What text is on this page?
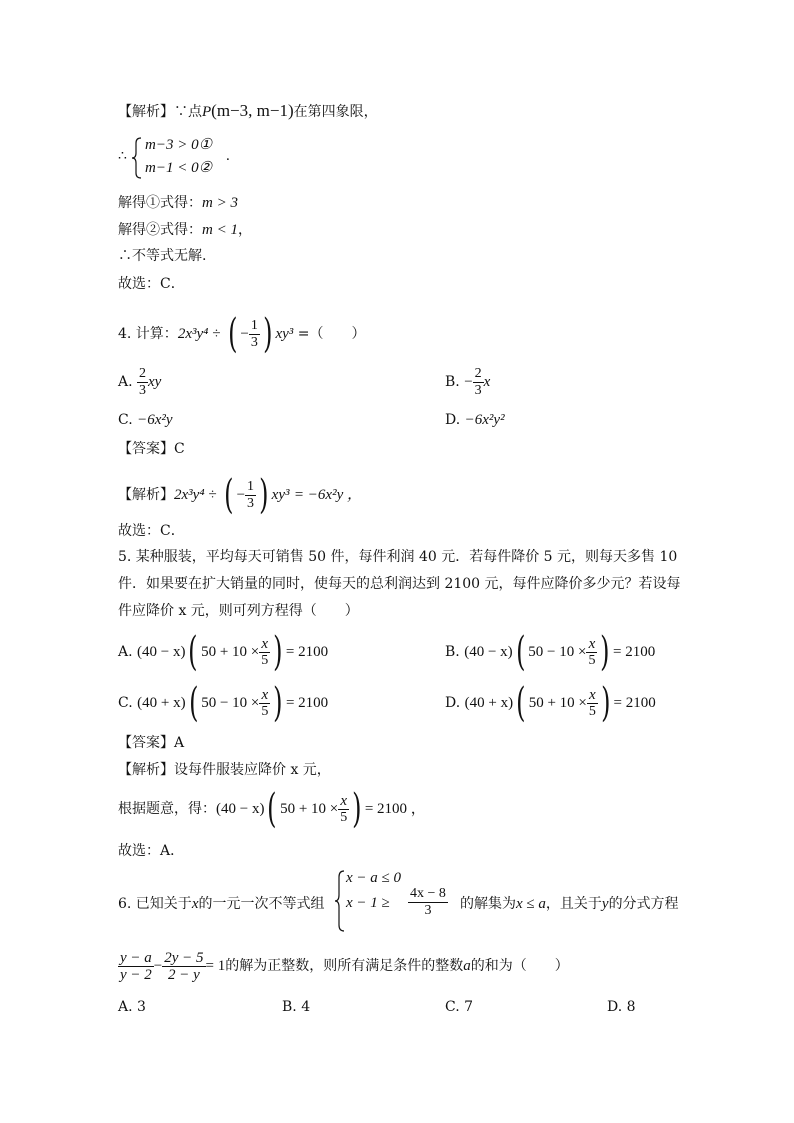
【解析】∵点P(m−3, m−1)在第四象限，
∴
m−3 > 0①
m−1 < 0②
.
解得①式得：m > 3
解得②式得：m < 1，
∴不等式无解.
故选：C．
4. 计算：2x³y⁴ ÷ ( − $\frac{1}{3}$ ) xy³ =（　　）
A. $\frac{2}{3}$ xy	B. − $\frac{2}{3}$ x
C. −6x²y	D. −6x²y²
【答案】C
【解析】2x³y⁴ ÷ ( − $\frac{1}{3}$ ) xy³ = −6x²y ，
故选：C．
5. 某种服装，平均每天可销售 50 件，每件利润 40 元．若每件降价 5 元，则每天多售 10
件．如果要在扩大销量的同时，使每天的总利润达到 2100 元，每件应降价多少元？若设每
件应降价 x 元，则可列方程得（　　）
A. (40 − x)( $50 + 10 \times \frac{x}{5}$ ) = 2100	B. (40 − x)( $50 - 10 \times \frac{x}{5}$ ) = 2100
C. (40 + x)( $50 - 10 \times \frac{x}{5}$ ) = 2100	D. (40 + x)( $50 + 10 \times \frac{x}{5}$ ) = 2100
【答案】A
【解析】设每件服装应降价 x 元，
根据题意，得：(40 − x)( $50 + 10 \times \frac{x}{5}$ ) = 2100 ，
故选：A．
6. 已知关于x的一元一次不等式组
x − a ≤ 0
$x - 1 \ge \frac{4x - 8}{3}$ 的解集为x ≤ a，且关于y的分式方程
$\frac{y - a}{y - 2} - \frac{2y - 5}{2 - y} = 1$的解为正整数，则所有满足条件的整数a的和为（　　）
A. 3	B. 4	C. 7	D. 8
